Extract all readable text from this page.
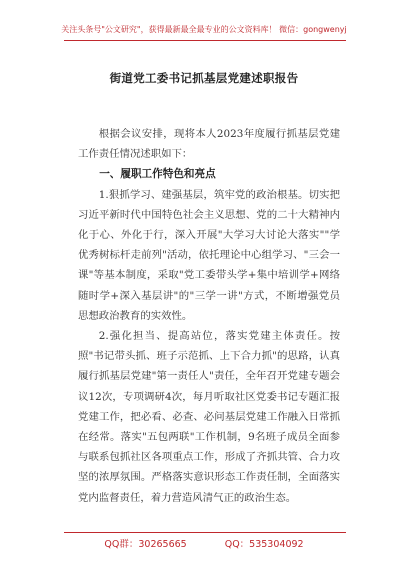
关注头条号"公文研究"，获得最新最全最专业的公文资料库！ 微信：gongwenyj
街道党工委书记抓基层党建述职报告

根据会议安排，现将本人2023年度履行抓基层党建工作责任情况述职如下：

一、履职工作特色和亮点

1.狠抓学习、建强基层，筑牢党的政治根基。切实把习近平新时代中国特色社会主义思想、党的二十大精神内化于心、外化于行，深入开展"大学习大讨论大落实""学优秀树标杆走前列"活动，依托理论中心组学习、"三会一课"等基本制度，采取"党工委带头学+集中培训学+网络随时学+深入基层讲"的"三学一讲"方式，不断增强党员思想政治教育的实效性。

2.强化担当、提高站位，落实党建主体责任。按照"书记带头抓、班子示范抓、上下合力抓"的思路，认真履行抓基层党建"第一责任人"责任，全年召开党建专题会议12次，专项调研4次，每月听取社区党委书记专题汇报党建工作，把必看、必查、必问基层党建工作融入日常抓在经常。落实"五包两联"工作机制，9名班子成员全面参与联系包抓社区各项重点工作，形成了齐抓共管、合力攻坚的浓厚氛围。严格落实意识形态工作责任制，全面落实党内监督责任，着力营造风清气正的政治生态。

QQ群：30265665	QQ：535304092
